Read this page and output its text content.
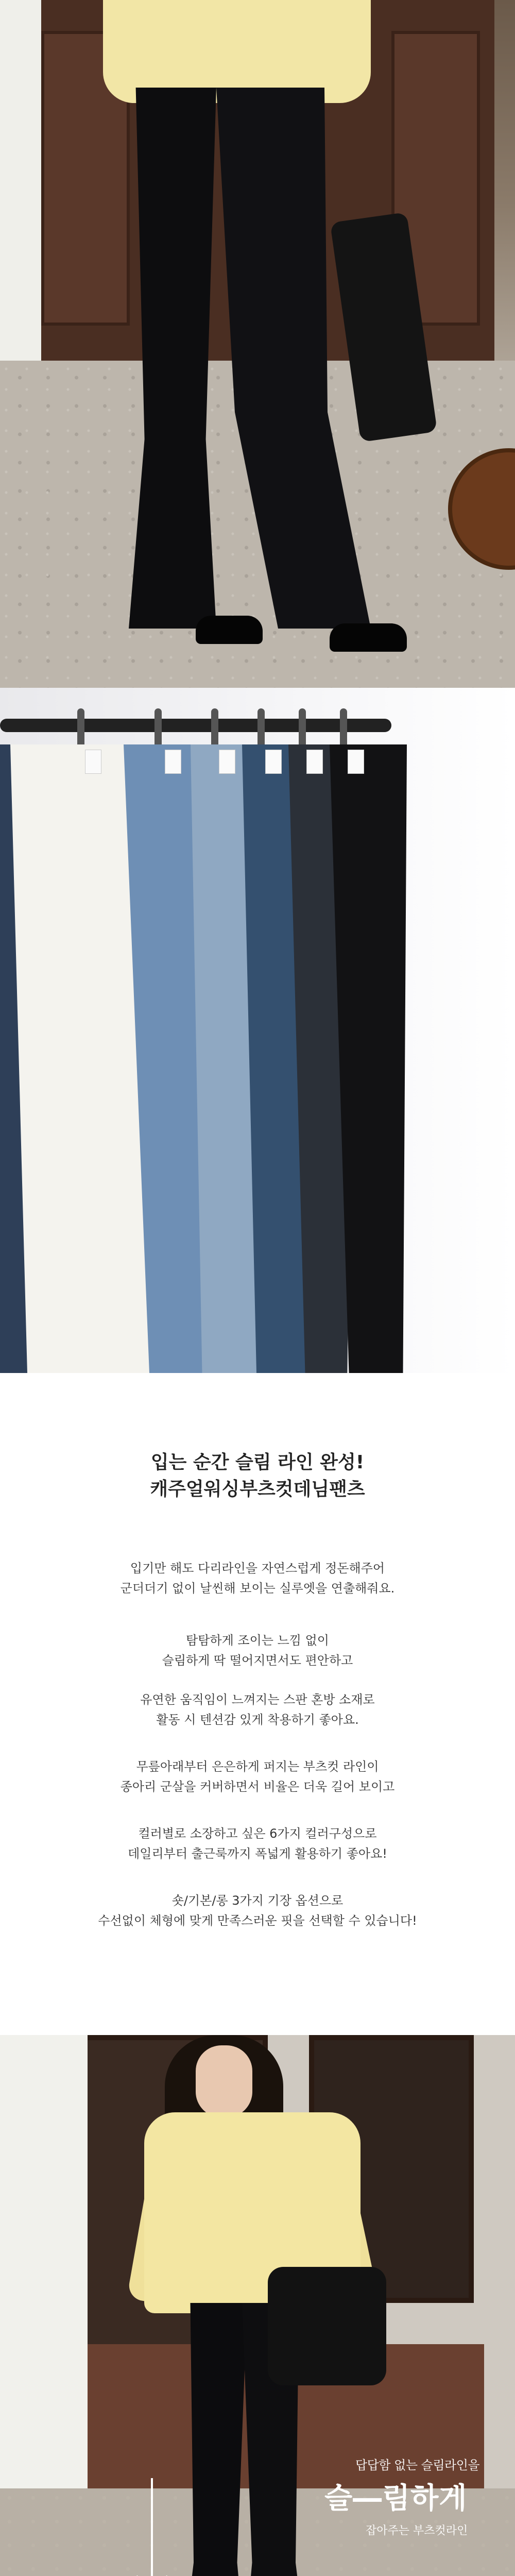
입는 순간 슬림 라인 완성!
캐주얼워싱부츠컷데님팬츠
입기만 해도 다리라인을 자연스럽게 정돈해주어
군더더기 없이 날씬해 보이는 실루엣을 연출해줘요.
탐탐하게 조이는 느낌 없이
슬림하게 딱 떨어지면서도 편안하고
유연한 움직임이 느껴지는 스판 혼방 소재로
활동 시 텐션감 있게 착용하기 좋아요.
무릎아래부터 은은하게 퍼지는 부츠컷 라인이
종아리 군살을 커버하면서 비율은 더욱 길어 보이고
컬러별로 소장하고 싶은 6가지 컬러구성으로
데일리부터 출근룩까지 폭넓게 활용하기 좋아요!
숏/기본/롱 3가지 기장 옵션으로
수선없이 체형에 맞게 만족스러운 핏을 선택할 수 있습니다!
답답함 없는 슬림라인을
슬―림하게
잡아주는 부츠컷라인
